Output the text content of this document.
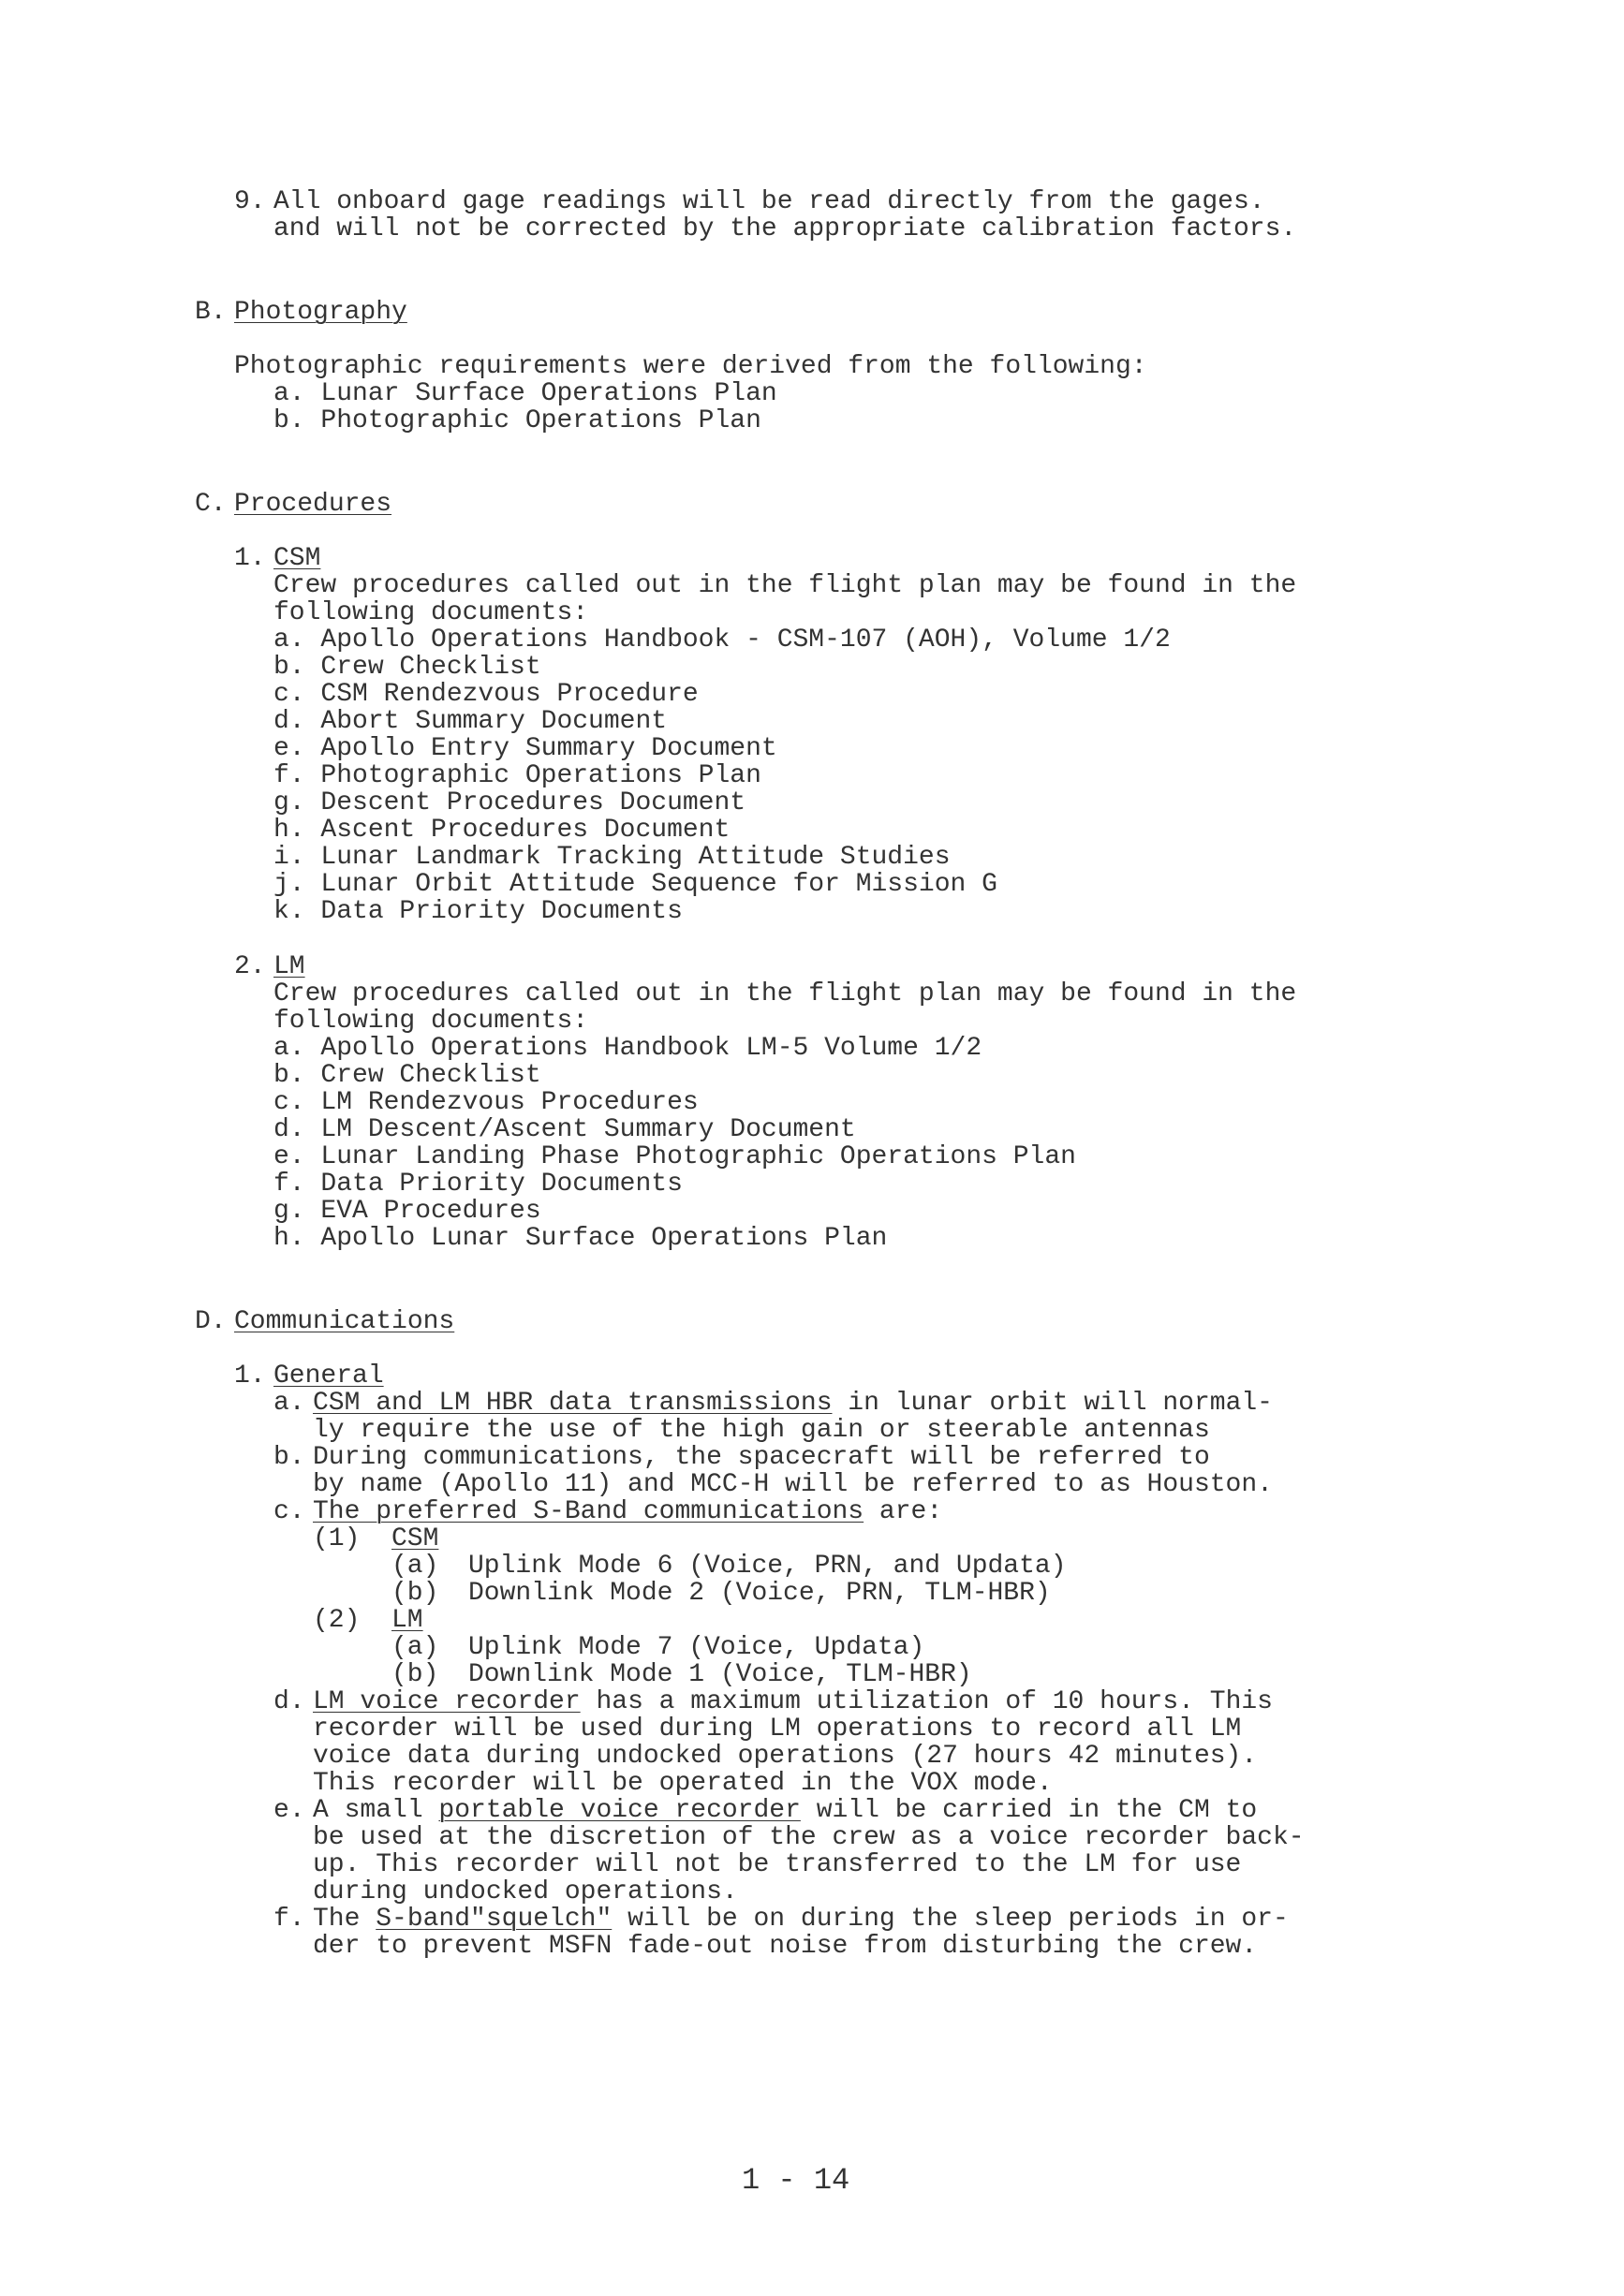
9. All onboard gage readings will be read directly from the gages.
and will not be corrected by the appropriate calibration factors.
B. Photography
Photographic requirements were derived from the following:
a. Lunar Surface Operations Plan
b. Photographic Operations Plan
C. Procedures
1. CSM
Crew procedures called out in the flight plan may be found in the
following documents:
a. Apollo Operations Handbook - CSM-107 (AOH), Volume 1/2
b. Crew Checklist
c. CSM Rendezvous Procedure
d. Abort Summary Document
e. Apollo Entry Summary Document
f. Photographic Operations Plan
g. Descent Procedures Document
h. Ascent Procedures Document
i. Lunar Landmark Tracking Attitude Studies
j. Lunar Orbit Attitude Sequence for Mission G
k. Data Priority Documents
2. LM
Crew procedures called out in the flight plan may be found in the
following documents:
a. Apollo Operations Handbook LM-5 Volume 1/2
b. Crew Checklist
c. LM Rendezvous Procedures
d. LM Descent/Ascent Summary Document
e. Lunar Landing Phase Photographic Operations Plan
f. Data Priority Documents
g. EVA Procedures
h. Apollo Lunar Surface Operations Plan
D. Communications
1. General
a. CSM and LM HBR data transmissions in lunar orbit will normal-
ly require the use of the high gain or steerable antennas
b. During communications, the spacecraft will be referred to
by name (Apollo 11) and MCC-H will be referred to as Houston.
c. The preferred S-Band communications are:
(1) CSM
(a) Uplink Mode 6 (Voice, PRN, and Updata)
(b) Downlink Mode 2 (Voice, PRN, TLM-HBR)
(2) LM
(a) Uplink Mode 7 (Voice, Updata)
(b) Downlink Mode 1 (Voice, TLM-HBR)
d. LM voice recorder has a maximum utilization of 10 hours. This
recorder will be used during LM operations to record all LM
voice data during undocked operations (27 hours 42 minutes).
This recorder will be operated in the VOX mode.
e. A small portable voice recorder will be carried in the CM to
be used at the discretion of the crew as a voice recorder back-
up. This recorder will not be transferred to the LM for use
during undocked operations.
f. The S-band"squelch" will be on during the sleep periods in or-
der to prevent MSFN fade-out noise from disturbing the crew.
1 - 14
